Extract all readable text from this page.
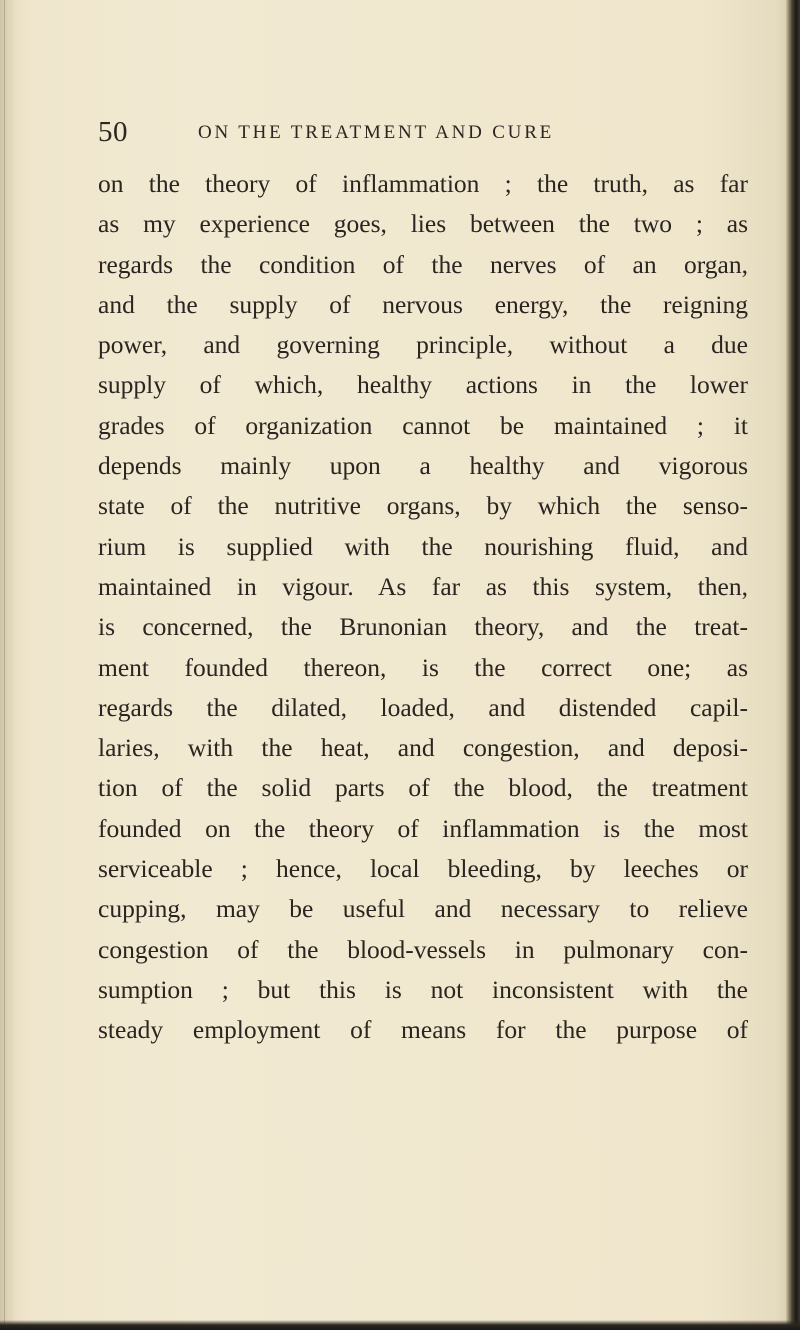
50	ON THE TREATMENT AND CURE
on the theory of inflammation ; the truth, as far
as my experience goes, lies between the two ; as
regards the condition of the nerves of an organ,
and the supply of nervous energy, the reigning
power, and governing principle, without a due
supply of which, healthy actions in the lower
grades of organization cannot be maintained ; it
depends mainly upon a healthy and vigorous
state of the nutritive organs, by which the senso-
rium is supplied with the nourishing fluid, and
maintained in vigour. As far as this system, then,
is concerned, the Brunonian theory, and the treat-
ment founded thereon, is the correct one; as
regards the dilated, loaded, and distended capil-
laries, with the heat, and congestion, and deposi-
tion of the solid parts of the blood, the treatment
founded on the theory of inflammation is the most
serviceable ; hence, local bleeding, by leeches or
cupping, may be useful and necessary to relieve
congestion of the blood-vessels in pulmonary con-
sumption ; but this is not inconsistent with the
steady employment of means for the purpose of
